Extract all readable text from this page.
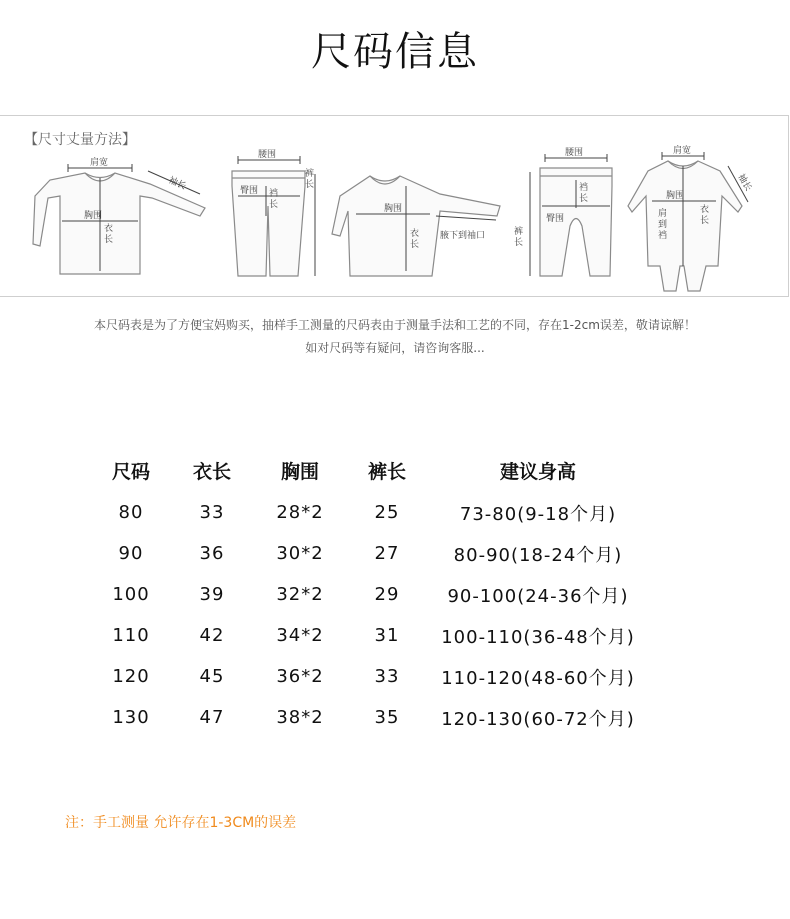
尺码信息
【尺寸丈量方法】
肩宽
胸围
衣
长
袖长
腰围
臀围 裆
长
裤
长
胸围
衣
长
腋下到袖口
腰围
裆
长
臀围
裤
长
肩宽
胸围
肩
到
裆
衣
长
袖长
本尺码表是为了方便宝妈购买，抽样手工测量的尺码表由于测量手法和工艺的不同，存在1-2cm误差，敬请谅解！
如对尺码等有疑问，请咨询客服...
尺码	衣长	胸围	裤长	建议身高
80	33	28*2	25	73-80(9-18个月)
90	36	30*2	27	80-90(18-24个月)
100	39	32*2	29	90-100(24-36个月)
110	42	34*2	31	100-110(36-48个月)
120	45	36*2	33	110-120(48-60个月)
130	47	38*2	35	120-130(60-72个月)
注：手工测量 允许存在1-3CM的误差
